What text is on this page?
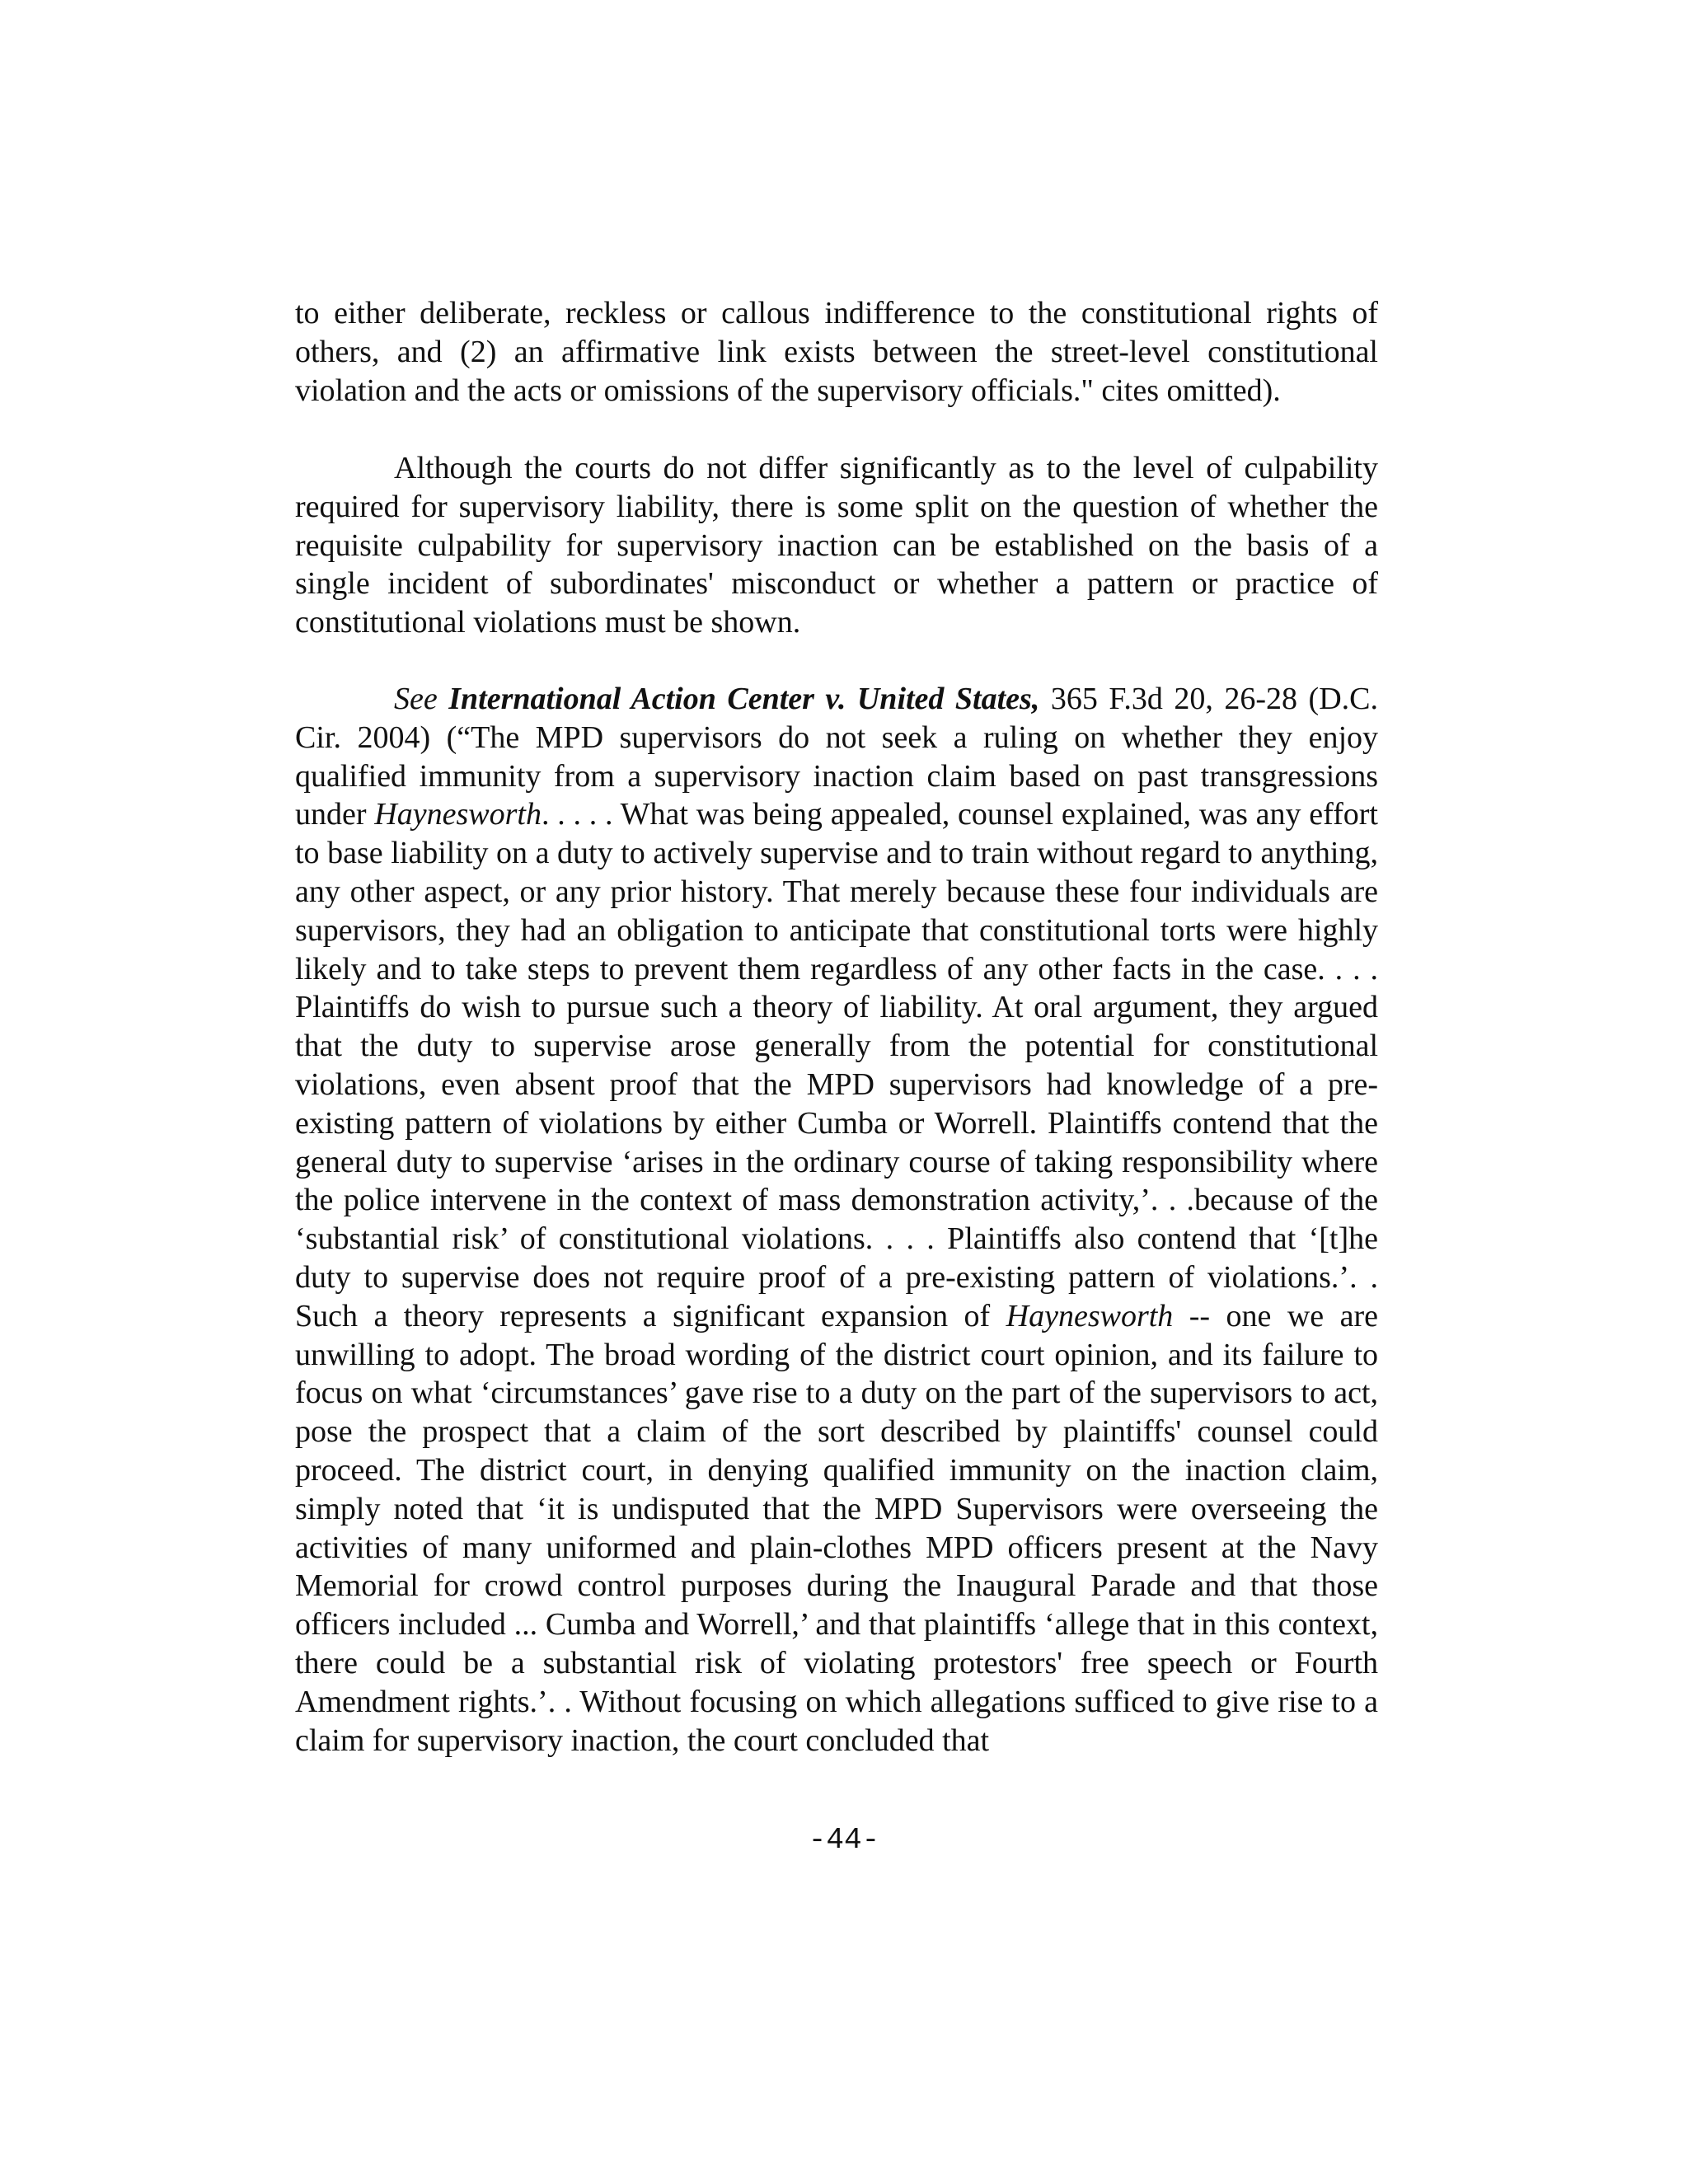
to either deliberate, reckless or callous indifference to the constitutional rights of others, and (2) an affirmative link exists between the street-level constitutional violation and the acts or omissions of the supervisory officials." cites omitted).

Although the courts do not differ significantly as to the level of culpability required for supervisory liability, there is some split on the question of whether the requisite culpability for supervisory inaction can be established on the basis of a single incident of subordinates' misconduct or whether a pattern or practice of constitutional violations must be shown.

See International Action Center v. United States, 365 F.3d 20, 26-28 (D.C. Cir. 2004) (“The MPD supervisors do not seek a ruling on whether they enjoy qualified immunity from a supervisory inaction claim based on past transgressions under Haynesworth. . . . . What was being appealed, counsel explained, was any effort to base liability on a duty to actively supervise and to train without regard to anything, any other aspect, or any prior history. That merely because these four individuals are supervisors, they had an obligation to anticipate that constitutional torts were highly likely and to take steps to prevent them regardless of any other facts in the case. . . . Plaintiffs do wish to pursue such a theory of liability. At oral argument, they argued that the duty to supervise arose generally from the potential for constitutional violations, even absent proof that the MPD supervisors had knowledge of a pre-existing pattern of violations by either Cumba or Worrell. Plaintiffs contend that the general duty to supervise ‘arises in the ordinary course of taking responsibility where the police intervene in the context of mass demonstration activity,’. . .because of the ‘substantial risk’ of constitutional violations. . . . Plaintiffs also contend that ‘[t]he duty to supervise does not require proof of a pre-existing pattern of violations.’. . Such a theory represents a significant expansion of Haynesworth -- one we are unwilling to adopt. The broad wording of the district court opinion, and its failure to focus on what ‘circumstances’ gave rise to a duty on the part of the supervisors to act, pose the prospect that a claim of the sort described by plaintiffs' counsel could proceed. The district court, in denying qualified immunity on the inaction claim, simply noted that ‘it is undisputed that the MPD Supervisors were overseeing the activities of many uniformed and plain-clothes MPD officers present at the Navy Memorial for crowd control purposes during the Inaugural Parade and that those officers included ... Cumba and Worrell,’ and that plaintiffs ‘allege that in this context, there could be a substantial risk of violating protestors' free speech or Fourth Amendment rights.’. . Without focusing on which allegations sufficed to give rise to a claim for supervisory inaction, the court concluded that

-44-
